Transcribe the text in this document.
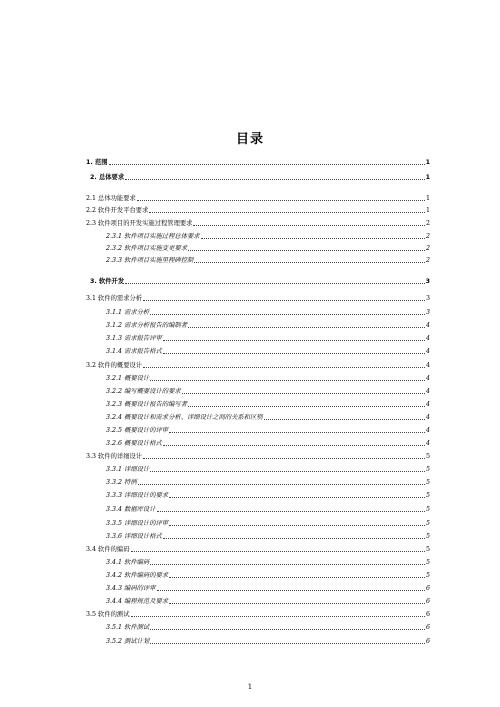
目录
1. 范围	1
2. 总体要求	1
2.1 总体功能要求	1
2.2 软件开发平台要求	1
2.3 软件项目的开发实施过程管理要求	2
2.3.1 软件项目实施过程总体要求	2
2.3.2 软件项目实施变更要求	2
2.3.3 软件项目实施里程碑控制	2
3. 软件开发	3
3.1 软件的需求分析	3
3.1.1 需求分析	3
3.1.2 需求分析报告的编制者	4
3.1.3 需求报告评审	4
3.1.4 需求报告格式	4
3.2 软件的概要设计	4
3.2.1 概要设计	4
3.2.2 编写概要设计的要求	4
3.2.3 概要设计报告的编写者	4
3.2.4 概要设计和需求分析、详细设计之间的关系和区别	4
3.2.5 概要设计的评审	4
3.2.6 概要设计格式	4
3.3 软件的详细设计	5
3.3.1 详细设计	5
3.3.2 特例	5
3.3.3 详细设计的要求	5
3.3.4 数据库设计	5
3.3.5 详细设计的评审	5
3.3.6 详细设计格式	5
3.4 软件的编码	5
3.4.1 软件编码	5
3.4.2 软件编码的要求	5
3.4.3 编码的评审	6
3.4.4 编程规范及要求	6
3.5 软件的测试	6
3.5.1 软件测试	6
3.5.2 测试计划	6
1
